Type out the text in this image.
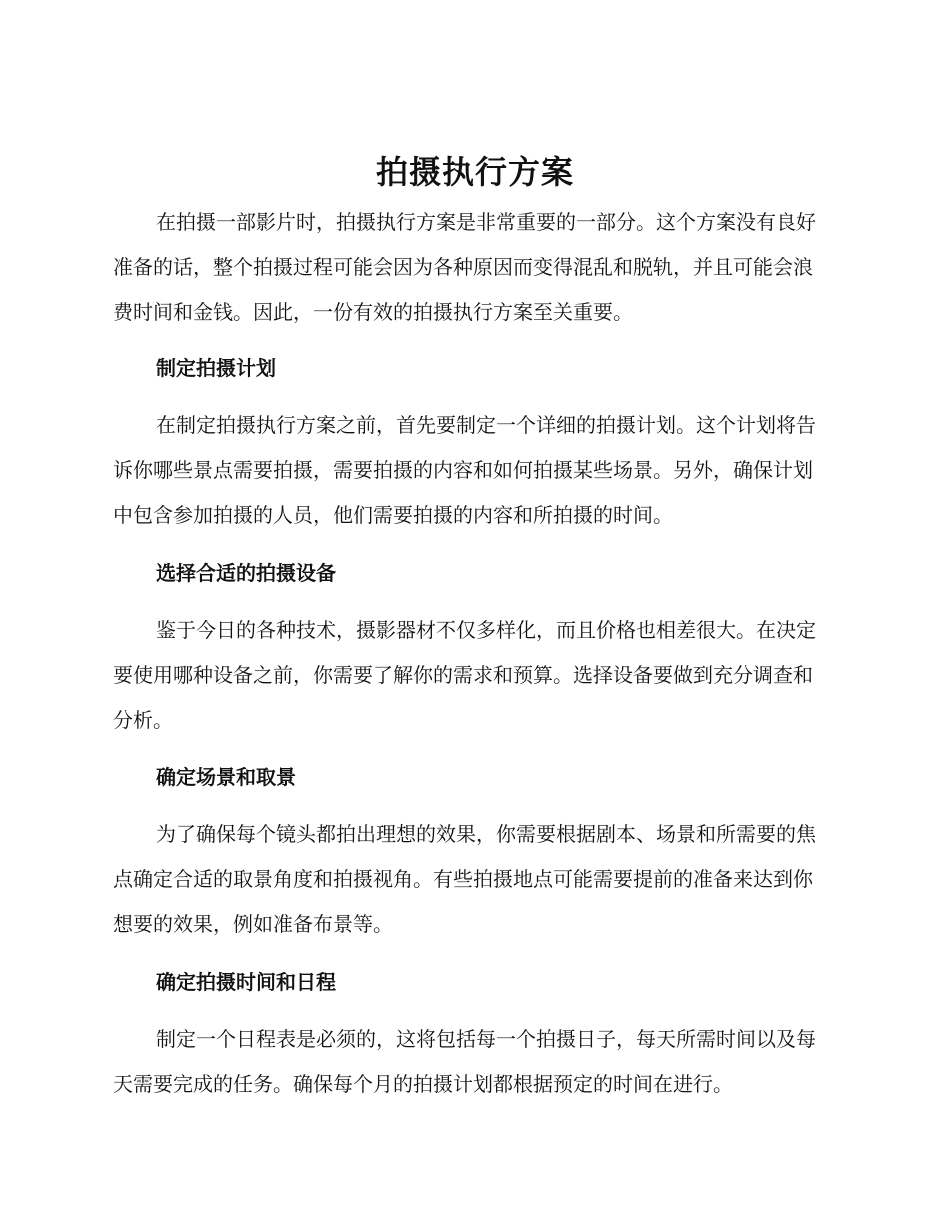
拍摄执行方案

在拍摄一部影片时，拍摄执行方案是非常重要的一部分。这个方案没有良好准备的话，整个拍摄过程可能会因为各种原因而变得混乱和脱轨，并且可能会浪费时间和金钱。因此，一份有效的拍摄执行方案至关重要。

制定拍摄计划

在制定拍摄执行方案之前，首先要制定一个详细的拍摄计划。这个计划将告诉你哪些景点需要拍摄，需要拍摄的内容和如何拍摄某些场景。另外，确保计划中包含参加拍摄的人员，他们需要拍摄的内容和所拍摄的时间。

选择合适的拍摄设备

鉴于今日的各种技术，摄影器材不仅多样化，而且价格也相差很大。在决定要使用哪种设备之前，你需要了解你的需求和预算。选择设备要做到充分调查和分析。

确定场景和取景

为了确保每个镜头都拍出理想的效果，你需要根据剧本、场景和所需要的焦点确定合适的取景角度和拍摄视角。有些拍摄地点可能需要提前的准备来达到你想要的效果，例如准备布景等。

确定拍摄时间和日程

制定一个日程表是必须的，这将包括每一个拍摄日子，每天所需时间以及每天需要完成的任务。确保每个月的拍摄计划都根据预定的时间在进行。
